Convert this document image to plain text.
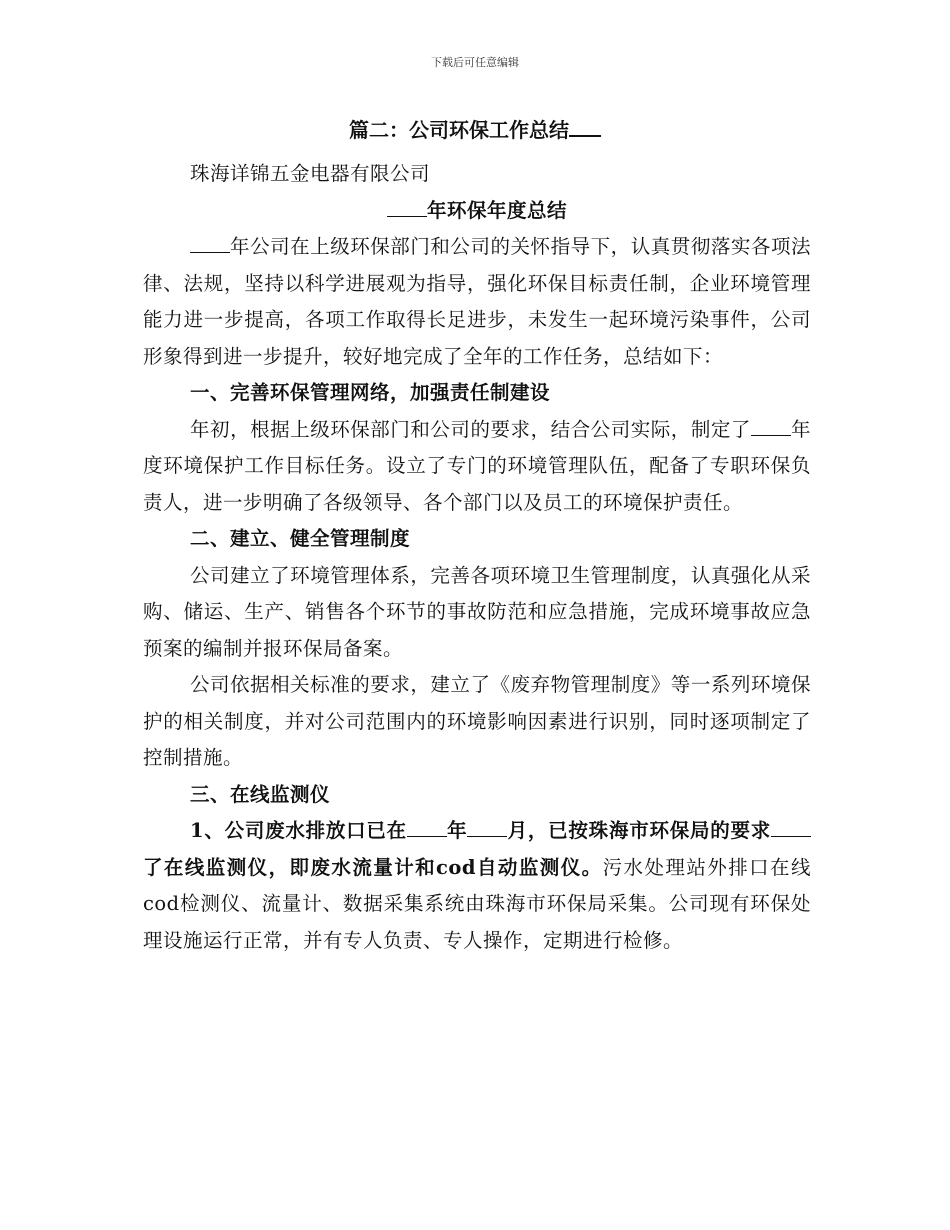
下载后可任意编辑
篇二：公司环保工作总结

珠海详锦五金电器有限公司

年环保年度总结

年公司在上级环保部门和公司的关怀指导下，认真贯彻落实各项法律、法规，坚持以科学进展观为指导，强化环保目标责任制，企业环境管理能力进一步提高，各项工作取得长足进步，未发生一起环境污染事件，公司形象得到进一步提升，较好地完成了全年的工作任务，总结如下：

一、完善环保管理网络，加强责任制建设

年初，根据上级环保部门和公司的要求，结合公司实际，制定了 年度环境保护工作目标任务。设立了专门的环境管理队伍，配备了专职环保负责人，进一步明确了各级领导、各个部门以及员工的环境保护责任。

二、建立、健全管理制度

公司建立了环境管理体系，完善各项环境卫生管理制度，认真强化从采购、储运、生产、销售各个环节的事故防范和应急措施，完成环境事故应急预案的编制并报环保局备案。

公司依据相关标准的要求，建立了《废弃物管理制度》等一系列环境保护的相关制度，并对公司范围内的环境影响因素进行识别，同时逐项制定了控制措施。

三、在线监测仪

1、公司废水排放口已在 年 月，已按珠海市环保局的要求了在线监测仪，即废水流量计和cod自动监测仪。污水处理站外排口在线cod检测仪、流量计、数据采集系统由珠海市环保局采集。公司现有环保处理设施运行正常，并有专人负责、专人操作，定期进行检修。
